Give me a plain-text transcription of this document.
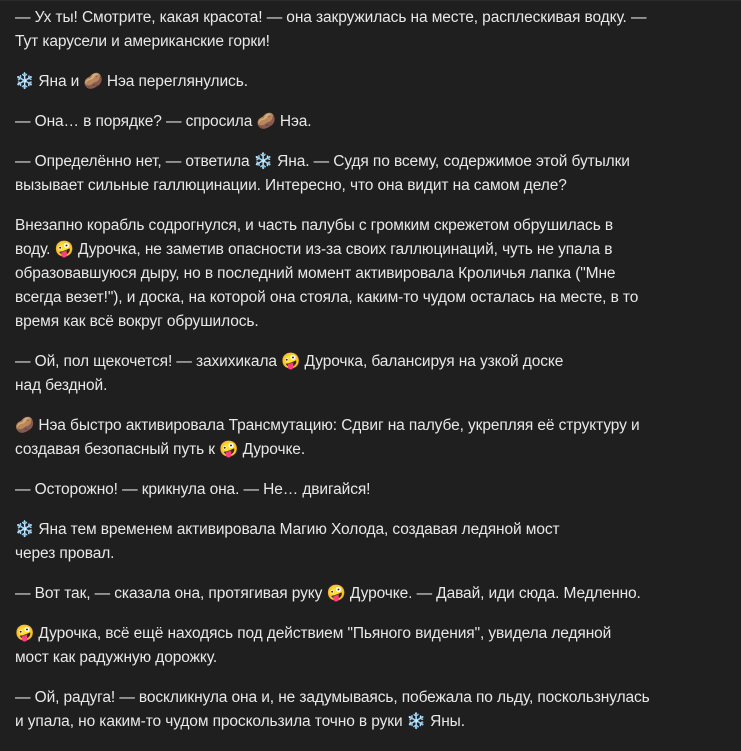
— Ух ты! Смотрите, какая красота! — она закружилась на месте, расплескивая водку. —
Тут карусели и американские горки!

❄️ Яна и 🥔 Нэа переглянулись.

— Она… в порядке? — спросила 🥔 Нэа.

— Определённо нет, — ответила ❄️ Яна. — Судя по всему, содержимое этой бутылки
вызывает сильные галлюцинации. Интересно, что она видит на самом деле?

Внезапно корабль содрогнулся, и часть палубы с громким скрежетом обрушилась в
воду. 🤪 Дурочка, не заметив опасности из-за своих галлюцинаций, чуть не упала в
образовавшуюся дыру, но в последний момент активировала Кроличья лапка ("Мне
всегда везет!"), и доска, на которой она стояла, каким-то чудом осталась на месте, в то
время как всё вокруг обрушилось.

— Ой, пол щекочется! — захихикала 🤪 Дурочка, балансируя на узкой доске
над бездной.

🥔 Нэа быстро активировала Трансмутацию: Сдвиг на палубе, укрепляя её структуру и
создавая безопасный путь к 🤪 Дурочке.

— Осторожно! — крикнула она. — Не… двигайся!

❄️ Яна тем временем активировала Магию Холода, создавая ледяной мост
через провал.

— Вот так, — сказала она, протягивая руку 🤪 Дурочке. — Давай, иди сюда. Медленно.

🤪 Дурочка, всё ещё находясь под действием "Пьяного видения", увидела ледяной
мост как радужную дорожку.

— Ой, радуга! — воскликнула она и, не задумываясь, побежала по льду, поскользнулась
и упала, но каким-то чудом проскользила точно в руки ❄️ Яны.
